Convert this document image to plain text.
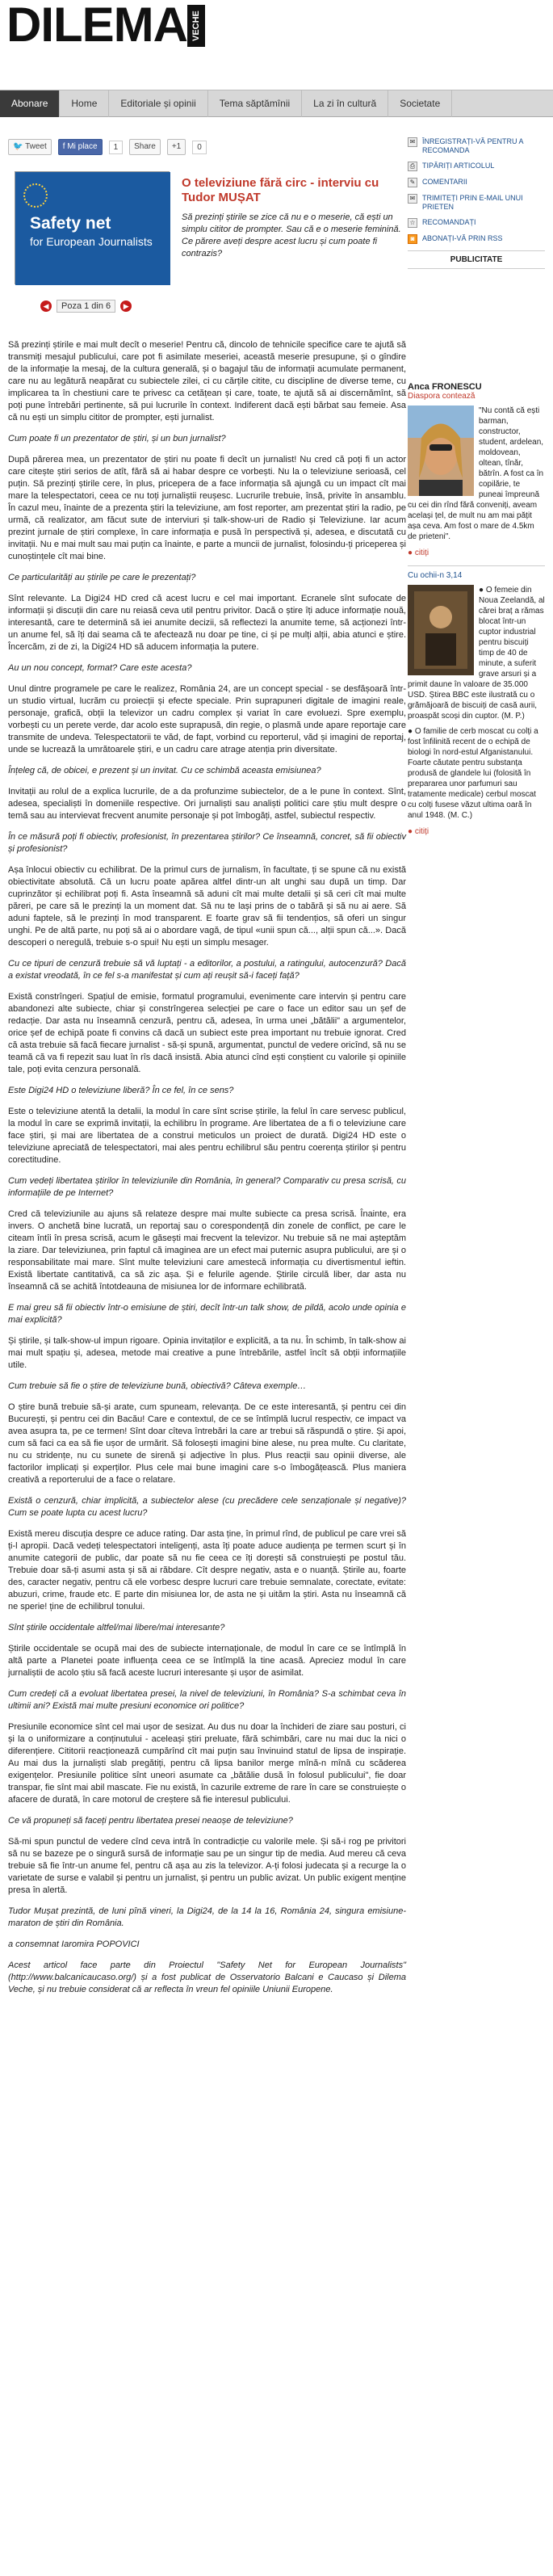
DILEMA VECHE
Abonare	Home	Editoriale și opinii	Tema săptămînii	La zi în cultură	Societate
🐦 Tweet	f Mi place	1	Share	+1	0
Safety net
for European Journalists
◀	Poza 1 din 6	▶
O televiziune fără circ - interviu cu Tudor MUȘAT
Să prezinți știrile se zice că nu e o meserie, că ești un simplu cititor de prompter. Sau că e o meserie feminină. Ce părere aveți despre acest lucru și cum poate fi contrazis?

Să prezinți știrile e mai mult decît o meserie! Pentru că, dincolo de tehnicile specifice care te ajută să transmiți mesajul publicului, care pot fi asimilate meseriei, această meserie presupune, și o gîndire de la informație la mesaj, de la cultura generală, și o bagajul tău de informații acumulate permanent, care nu au legătură neapărat cu subiectele zilei, ci cu cărțile citite, cu discipline de diverse teme, cu implicarea ta în chestiuni care te privesc ca cetățean și care, toate, te ajută să ai discernămînt, să poți pune întrebări pertinente, să pui lucrurile în context. Indiferent dacă ești bărbat sau femeie. Asa că nu ești un simplu cititor de prompter, ești jurnalist.

Cum poate fi un prezentator de știri, și un bun jurnalist?

După părerea mea, un prezentator de știri nu poate fi decît un jurnalist! Nu cred că poți fi un actor care citește știri serios de atît, fără să ai habar despre ce vorbești. Nu la o televiziune serioasă, cel puțin. Să prezinți știrile cere, în plus, pricepera de a face informația să ajungă cu un impact cît mai mare la telespectatori, ceea ce nu toți jurnaliștii reușesc. Lucrurile trebuie, însă, privite în ansamblu. În cazul meu, înainte de a prezenta știri la televiziune, am fost reporter, am prezentat știri la radio, pe urmă, că realizator, am făcut sute de interviuri și talk-show-uri de Radio și Televiziune. Iar acum prezint jurnale de știri complexe, în care informația e pusă în perspectivă și, adesea, e discutată cu invitații. Nu e mai mult sau mai puțin ca înainte, e parte a muncii de jurnalist, folosindu-ți priceperea și cunoștințele cît mai bine.

Ce particularități au știrile pe care le prezentați?

Sînt relevante. La Digi24 HD cred că acest lucru e cel mai important. Ecranele sînt sufocate de informații și discuții din care nu reiasă ceva util pentru privitor. Dacă o știre îți aduce informație nouă, interesantă, care te determină să iei anumite decizii, să reflectezi la anumite teme, să acționezi într-un anume fel, să îți dai seama că te afectează nu doar pe tine, ci și pe mulți alții, abia atunci e știre. Încercăm, zi de zi, la Digi24 HD să aducem informația la putere.

Au un nou concept, format? Care este acesta?

Unul dintre programele pe care le realizez, România 24, are un concept special - se desfășoară într-un studio virtual, lucrăm cu proiecții și efecte speciale. Prin suprapuneri digitale de imagini reale, personaje, grafică, obții la televizor un cadru complex și variat în care evoluezi. Spre exemplu, vorbești cu un perete verde, dar acolo este suprapusă, din regie, o plasmă unde apare reportaje care transmite de undeva. Telespectatorii te văd, de fapt, vorbind cu reporterul, văd și imagini de reportaj, unde se lucrează la umrătoarele știri, e un cadru care atrage atenția prin diversitate.

Înțeleg că, de obicei, e prezent și un invitat. Cu ce schimbă aceasta emisiunea?

Invitații au rolul de a explica lucrurile, de a da profunzime subiectelor, de a le pune în context. Sînt, adesea, specialiști în domeniile respective. Ori jurnaliști sau analiști politici care știu mult despre o temă sau au intervievat frecvent anumite personaje și pot îmbogăți, astfel, subiectul respectiv.

În ce măsură poți fi obiectiv, profesionist, în prezentarea știrilor? Ce înseamnă, concret, să fii obiectiv și profesionist?

Așa înlocui obiectiv cu echilibrat. De la primul curs de jurnalism, în facultate, ți se spune că nu există obiectivitate absolută. Că un lucru poate apărea altfel dintr-un alt unghi sau după un timp. Dar cuprinzător și echilibrat poți fi. Asta înseamnă să aduni cît mai multe detalii și să ceri cît mai multe păreri, pe care să le prezinți la un moment dat. Să nu te lași prins de o tabără și să nu ai aere. Să aduni faptele, să le prezinți în mod transparent. E foarte grav să fii tendențios, să oferi un singur unghi. Pe de altă parte, nu poți să ai o abordare vagă, de tipul «unii spun că..., alții spun că...». Dacă descoperi o neregulă, trebuie s-o spui! Nu ești un simplu mesager.

Cu ce tipuri de cenzură trebuie să vă luptați - a editorilor, a postului, a ratingului, autocenzură? Dacă a existat vreodată, în ce fel s-a manifestat și cum ați reușit să-i faceți față?

Există constrîngeri. Spațiul de emisie, formatul programului, evenimente care intervin și pentru care abandonezi alte subiecte, chiar și constrîngerea selecției pe care o face un editor sau un șef de redacție. Dar asta nu înseamnă cenzură, pentru că, adesea, în urma unei „bătălii" a argumentelor, orice șef de echipă poate fi convins că dacă un subiect este prea important nu trebuie ignorat. Cred că asta trebuie să facă fiecare jurnalist - să-și spună, argumentat, punctul de vedere oricînd, să nu se teamă că va fi repezit sau luat în rîs dacă insistă. Abia atunci cînd ești conștient cu valorile și opiniile tale, poți evita cenzura personală.

Este Digi24 HD o televiziune liberă? În ce fel, în ce sens?

Este o televiziune atentă la detalii, la modul în care sînt scrise știrile, la felul în care servesc publicul, la modul în care se exprimă invitații, la echilibru în programe. Are libertatea de a fi o televiziune care face știri, și mai are libertatea de a construi meticulos un proiect de durată. Digi24 HD este o televiziune apreciată de telespectatori, mai ales pentru echilibrul său pentru coerența știrilor și pentru corectitudine.

Cum vedeți libertatea știrilor în televiziunile din România, în general? Comparativ cu presa scrisă, cu informațiile de pe Internet?

Cred că televiziunile au ajuns să relateze despre mai multe subiecte ca presa scrisă. Înainte, era invers. O anchetă bine lucrată, un reportaj sau o corespondență din zonele de conflict, pe care le citeam întîi în presa scrisă, acum le găsești mai frecvent la televizor. Nu trebuie să ne mai așteptăm la ziare. Dar televiziunea, prin faptul că imaginea are un efect mai puternic asupra publicului, are și o responsabilitate mai mare. Sînt multe televiziuni care amestecă informația cu divertismentul ieftin. Există libertate cantitativă, ca să zic așa. Și e felurile agende. Știrile circulă liber, dar asta nu înseamnă că se achită întotdeauna de misiunea lor de informare echilibrată.

E mai greu să fii obiectiv într-o emisiune de știri, decît într-un talk show, de pildă, acolo unde opinia e mai explicită?

Și știrile, și talk-show-ul impun rigoare. Opinia invitaților e explicită, a ta nu. În schimb, în talk-show ai mai mult spațiu și, adesea, metode mai creative a pune întrebările, astfel încît să obții informațiile utile.

Cum trebuie să fie o știre de televiziune bună, obiectivă? Câteva exemple…

O știre bună trebuie să-și arate, cum spuneam, relevanța. De ce este interesantă, și pentru cei din București, și pentru cei din Bacău! Care e contextul, de ce se întîmplă lucrul respectiv, ce impact va avea asupra ta, pe ce termen! Sînt doar cîteva întrebări la care ar trebui să răspundă o știre. Și apoi, cum să faci ca ea să fie ușor de urmărit. Să folosești imagini bine alese, nu prea multe. Cu claritate, nu cu stridențe, nu cu sunete de sirenă și adjective în plus. Plus reacții sau opinii diverse, ale factorilor implicați și experților. Plus cele mai bune imagini care s-o îmbogățească. Plus maniera creativă a reporterului de a face o relatare.

Există o cenzură, chiar implicită, a subiectelor alese (cu precădere cele senzaționale și negative)? Cum se poate lupta cu acest lucru?

Există mereu discuția despre ce aduce rating. Dar asta ține, în primul rînd, de publicul pe care vrei să ți-l apropii. Dacă vedeți telespectatori inteligenți, asta îți poate aduce audiența pe termen scurt și în anumite categorii de public, dar poate să nu fie ceea ce îți dorești să construiești pe postul tău. Trebuie doar să-ți asumi asta și să ai răbdare. Cît despre negativ, asta e o nuanță. Știrile au, foarte des, caracter negativ, pentru că ele vorbesc despre lucruri care trebuie semnalate, corectate, evitate: abuzuri, crime, fraude etc. E parte din misiunea lor, de asta ne și uităm la știri. Asta nu înseamnă că ne sperie! ține de echilibrul tonului.

Sînt știrile occidentale altfel/mai libere/mai interesante?

Știrile occidentale se ocupă mai des de subiecte internaționale, de modul în care ce se întîmplă în altă parte a Planetei poate influența ceea ce se întîmplă la tine acasă. Apreciez modul în care jurnaliștii de acolo știu să facă aceste lucruri interesante și ușor de asimilat.

Cum credeți că a evoluat libertatea presei, la nivel de televiziuni, în România? S-a schimbat ceva în ultimii ani? Există mai multe presiuni economice ori politice?

Presiunile economice sînt cel mai ușor de sesizat. Au dus nu doar la închideri de ziare sau posturi, ci și la o uniformizare a conținutului - aceleași știri preluate, fără schimbări, care nu mai duc la nici o diferențiere. Cititorii reacționează cumpărînd cît mai puțin sau învinuind statul de lipsa de inspirație. Au mai dus la jurnaliști slab pregătiți, pentru că lipsa banilor merge mînă-n mînă cu scăderea exigențelor. Presiunile politice sînt uneori asumate ca „bătălie dusă în folosul publicului", fie doar transpar, fie sînt mai abil mascate. Fie nu există, în cazurile extreme de rare în care se construiește o afacere de durată, în care motorul de creștere să fie interesul publicului.

Ce vă propuneți să faceți pentru libertatea presei neaoșe de televiziune?

Să-mi spun punctul de vedere cînd ceva intră în contradicție cu valorile mele. Și să-i rog pe privitori să nu se bazeze pe o singură sursă de informație sau pe un singur tip de media. Aud mereu că ceva trebuie să fie într-un anume fel, pentru că așa au zis la televizor. A-ți folosi judecata și a recurge la o varietate de surse e valabil și pentru un jurnalist, și pentru un public avizat. Un public exigent menține presa în alertă.

Tudor Mușat prezintă, de luni pînă vineri, la Digi24, de la 14 la 16, România 24, singura emisiune-maraton de știri din România.

a consemnat Iaromira POPOVICI

Acest articol face parte din Proiectul "Safety Net for European Journalists" (http://www.balcanicaucaso.org/) și a fost publicat de Osservatorio Balcani e Caucaso și Dilema Veche, și nu trebuie considerat că ar reflecta în vreun fel opiniile Uniunii Europene.

✉ ÎNREGISTRAȚI-VĂ PENTRU A RECOMANDA
⎙ TIPĂRIȚI ARTICOLUL
✎ COMENTARII
✉ TRIMITEȚI PRIN E-MAIL UNUI PRIETEN
☆ RECOMANDAȚI
◙	ABONAȚI-VĂ PRIN RSS
PUBLICITATE
Anca FRONESCU
Diaspora contează
"Nu contă că ești barman, constructor, student, ardelean, moldovean, oltean, tînăr, bătrîn. A fost ca în copilărie, te puneai împreună cu cei din rînd fără conveniți, aveam același țel, de mult nu am mai pățit așa ceva. Am fost o mare de 4.5km de prieteni".
● citiți
Cu ochii-n 3,14
● O femeie din Noua Zeelandă, al cărei braț a rămas blocat într-un cuptor industrial pentru biscuiți timp de 40 de minute, a suferit grave arsuri și a primit daune în valoare de 35.000 USD. Știrea BBC este ilustrată cu o grămăjoară de biscuiți de casă aurii, proaspăt scoși din cuptor. (M. P.)
● O familie de cerb moscat cu colți a fost înfilinită recent de o echipă de biologi în nord-estul Afganistanului. Foarte căutate pentru substanța produsă de glandele lui (folosită în prepararea unor parfumuri sau tratamente medicale) cerbul moscat cu colți fusese văzut ultima oară în anul 1948. (M. C.)
● citiți
